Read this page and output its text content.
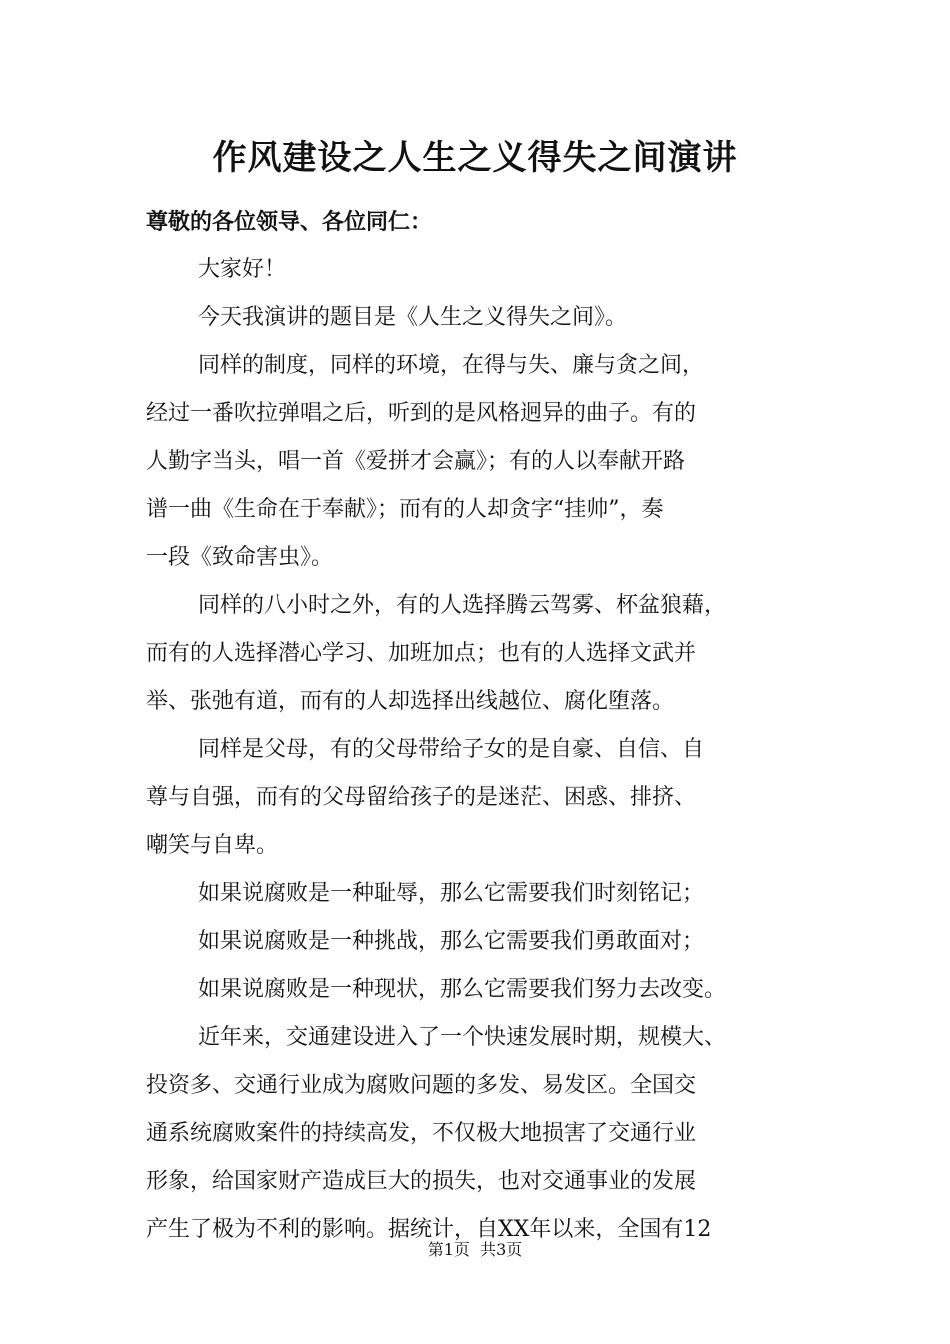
作风建设之人生之义得失之间演讲

尊敬的各位领导、各位同仁：

大家好！

今天我演讲的题目是《人生之义得失之间》。

同样的制度，同样的环境，在得与失、廉与贪之间，
经过一番吹拉弹唱之后，听到的是风格迥异的曲子。有的
人勤字当头，唱一首《爱拼才会赢》；有的人以奉献开路
谱一曲《生命在于奉献》；而有的人却贪字“挂帅”，奏
一段《致命害虫》。

同样的八小时之外，有的人选择腾云驾雾、杯盆狼藉，
而有的人选择潜心学习、加班加点；也有的人选择文武并
举、张弛有道，而有的人却选择出线越位、腐化堕落。

同样是父母，有的父母带给子女的是自豪、自信、自
尊与自强，而有的父母留给孩子的是迷茫、困惑、排挤、
嘲笑与自卑。

如果说腐败是一种耻辱，那么它需要我们时刻铭记；

如果说腐败是一种挑战，那么它需要我们勇敢面对；

如果说腐败是一种现状，那么它需要我们努力去改变。

近年来，交通建设进入了一个快速发展时期，规模大、
投资多、交通行业成为腐败问题的多发、易发区。全国交
通系统腐败案件的持续高发，不仅极大地损害了交通行业
形象，给国家财产造成巨大的损失，也对交通事业的发展
产生了极为不利的影响。据统计，自XX年以来，全国有12

第1页 共3页
